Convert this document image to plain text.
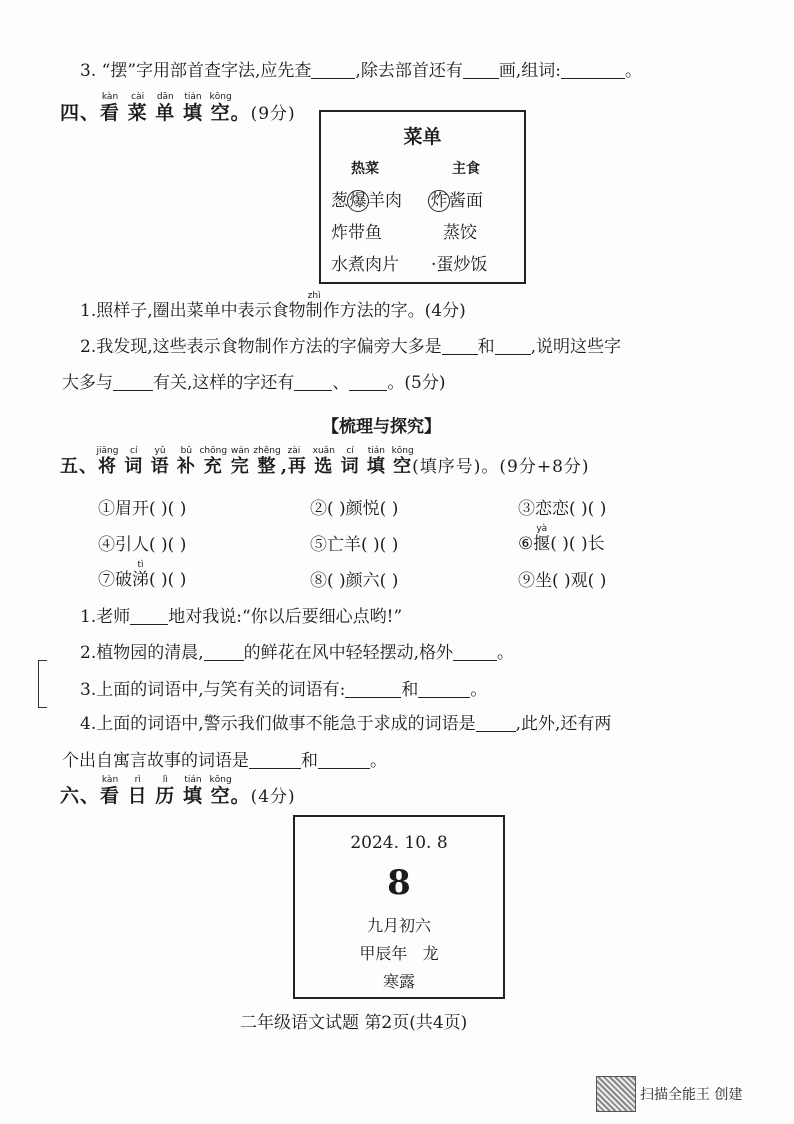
3. “摆”字用部首查字法,应先查	,除去部首还有 画,组词:	。
四、看kàn 菜cài 单dān 填tián 空kōng。(9分)
菜单
热菜	主食
葱爆羊肉 炸酱面
炸带鱼	蒸饺
水煮肉片 ·蛋炒饭
1.照样子,圈出菜单中表示食物制zhì作方法的字。(4分)
2.我发现,这些表示食物制作方法的字偏旁大多是 和 ,说明这些字
大多与 有关,这样的字还有 、 。(5分)
【梳理与探究】
五、将jiāng 词cí 语yǔ 补bǔ 充chōng 完wán 整zhěng,再zài 选xuǎn 词cí 填tián 空kōng(填序号)。(9分+8分)
①眉开( )( )	②( )颜悦( )	③恋恋( )( )
④引人( )( )	⑤亡羊( )( )	⑥揠yà( )( )长
⑦破涕tì( )( )	⑧( )颜六( )	⑨坐( )观( )
1.老师 地对我说:“你以后要细心点哟!”
2.植物园的清晨, 的鲜花在风中轻轻摆动,格外	。
3.上面的词语中,与笑有关的词语有:	和	。
4.上面的词语中,警示我们做事不能急于求成的词语是 ,此外,还有两
个出自寓言故事的词语是	和	。
六、看kàn 日rì 历lì 填tián 空kōng。(4分)
2024. 10. 8
8
九月初六
甲辰年 龙
寒露
二年级语文试题 第2页(共4页)
扫描全能王 创建
